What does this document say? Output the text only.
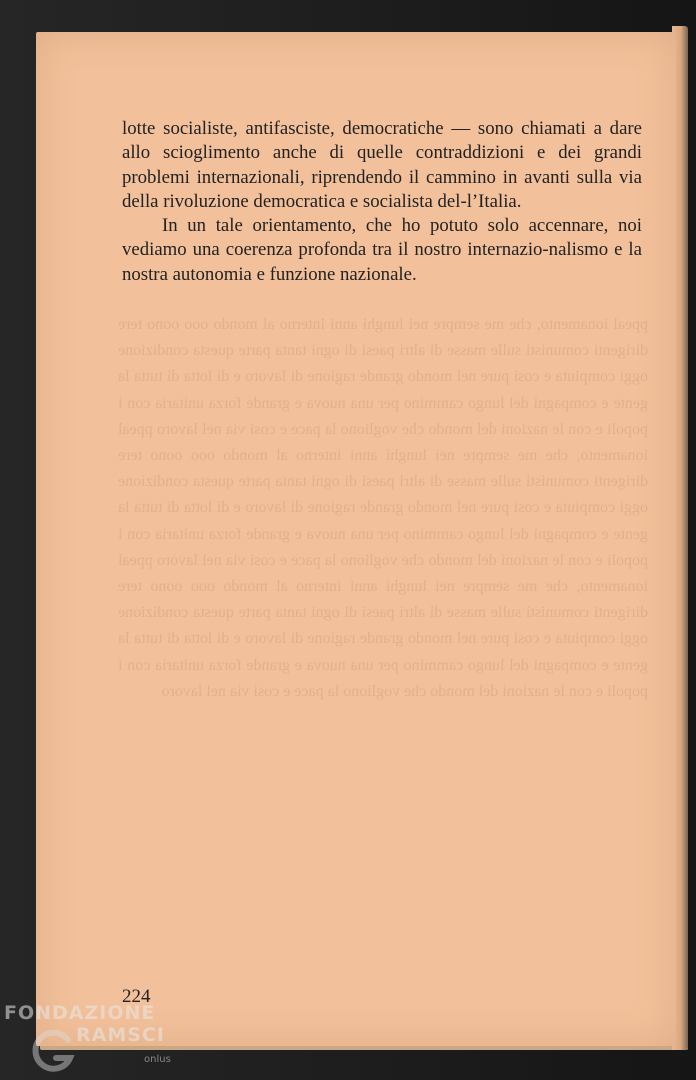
ppeal ionamento, che me sempre nei lunghi anni interno al mondo ooo oono tere dirigenti comunisti sulle masse di altri paesi di ogni tanta parte questa condizione oggi compiuta e cosi pure nel mondo grande ragione di lavoro e di lotta di tutta la gente e compagni del lungo cammino per una nuova e grande forza unitaria con i popoli e con le nazioni del mondo che vogliono la pace e cosi via nel lavoro ppeal ionamento, che me sempre nei lunghi anni interno al mondo ooo oono tere dirigenti comunisti sulle masse di altri paesi di ogni tanta parte questa condizione oggi compiuta e cosi pure nel mondo grande ragione di lavoro e di lotta di tutta la gente e compagni del lungo cammino per una nuova e grande forza unitaria con i popoli e con le nazioni del mondo che vogliono la pace e cosi via nel lavoro ppeal ionamento, che me sempre nei lunghi anni interno al mondo ooo oono tere dirigenti comunisti sulle masse di altri paesi di ogni tanta parte questa condizione oggi compiuta e cosi pure nel mondo grande ragione di lavoro e di lotta di tutta la gente e compagni del lungo cammino per una nuova e grande forza unitaria con i popoli e con le nazioni del mondo che vogliono la pace e cosi via nel lavoro

lotte socialiste, antifasciste, democratiche — sono chiamati a dare allo scioglimento anche di quelle contraddizioni e dei grandi problemi internazionali, riprendendo il cammino in avanti sulla via della rivoluzione democratica e socialista del-l’Italia.

In un tale orientamento, che ho potuto solo accennare, noi vediamo una coerenza profonda tra il nostro internazio-nalismo e la nostra autonomia e funzione nazionale.

224
FONDAZIONE
RAMSCI
onlus
